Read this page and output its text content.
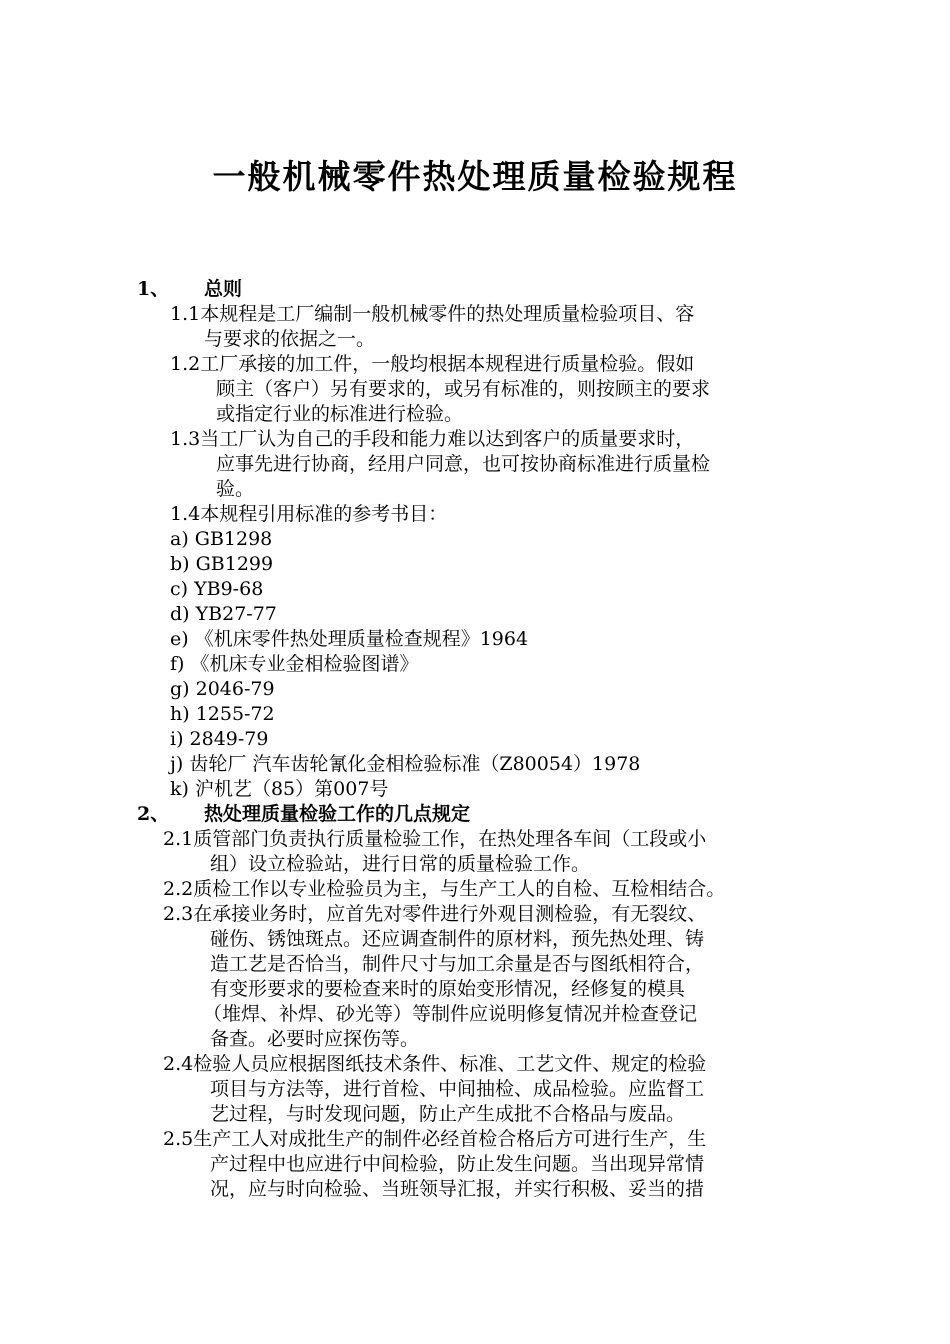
一般机械零件热处理质量检验规程
1、 总则
1.1本规程是工厂编制一般机械零件的热处理质量检验项目、容
与要求的依据之一。
1.2工厂承接的加工件，一般均根据本规程进行质量检验。假如
顾主（客户）另有要求的，或另有标准的，则按顾主的要求
或指定行业的标准进行检验。
1.3当工厂认为自己的手段和能力难以达到客户的质量要求时，
应事先进行协商，经用户同意，也可按协商标准进行质量检
验。
1.4本规程引用标准的参考书目：
a) GB1298
b) GB1299
c) YB9-68
d) YB27-77
e) 《机床零件热处理质量检查规程》1964
f) 《机床专业金相检验图谱》
g) 2046-79
h) 1255-72
i) 2849-79
j) 齿轮厂 汽车齿轮氰化金相检验标准（Z80054）1978
k) 沪机艺（85）第007号
2、 热处理质量检验工作的几点规定
2.1质管部门负责执行质量检验工作，在热处理各车间（工段或小
组）设立检验站，进行日常的质量检验工作。
2.2质检工作以专业检验员为主，与生产工人的自检、互检相结合。
2.3在承接业务时，应首先对零件进行外观目测检验，有无裂纹、
碰伤、锈蚀斑点。还应调查制件的原材料，预先热处理、铸
造工艺是否恰当，制件尺寸与加工余量是否与图纸相符合，
有变形要求的要检查来时的原始变形情况，经修复的模具
（堆焊、补焊、砂光等）等制件应说明修复情况并检查登记
备查。必要时应探伤等。
2.4检验人员应根据图纸技术条件、标准、工艺文件、规定的检验
项目与方法等，进行首检、中间抽检、成品检验。应监督工
艺过程，与时发现问题，防止产生成批不合格品与废品。
2.5生产工人对成批生产的制件必经首检合格后方可进行生产，生
产过程中也应进行中间检验，防止发生问题。当出现异常情
况，应与时向检验、当班领导汇报，并实行积极、妥当的措
